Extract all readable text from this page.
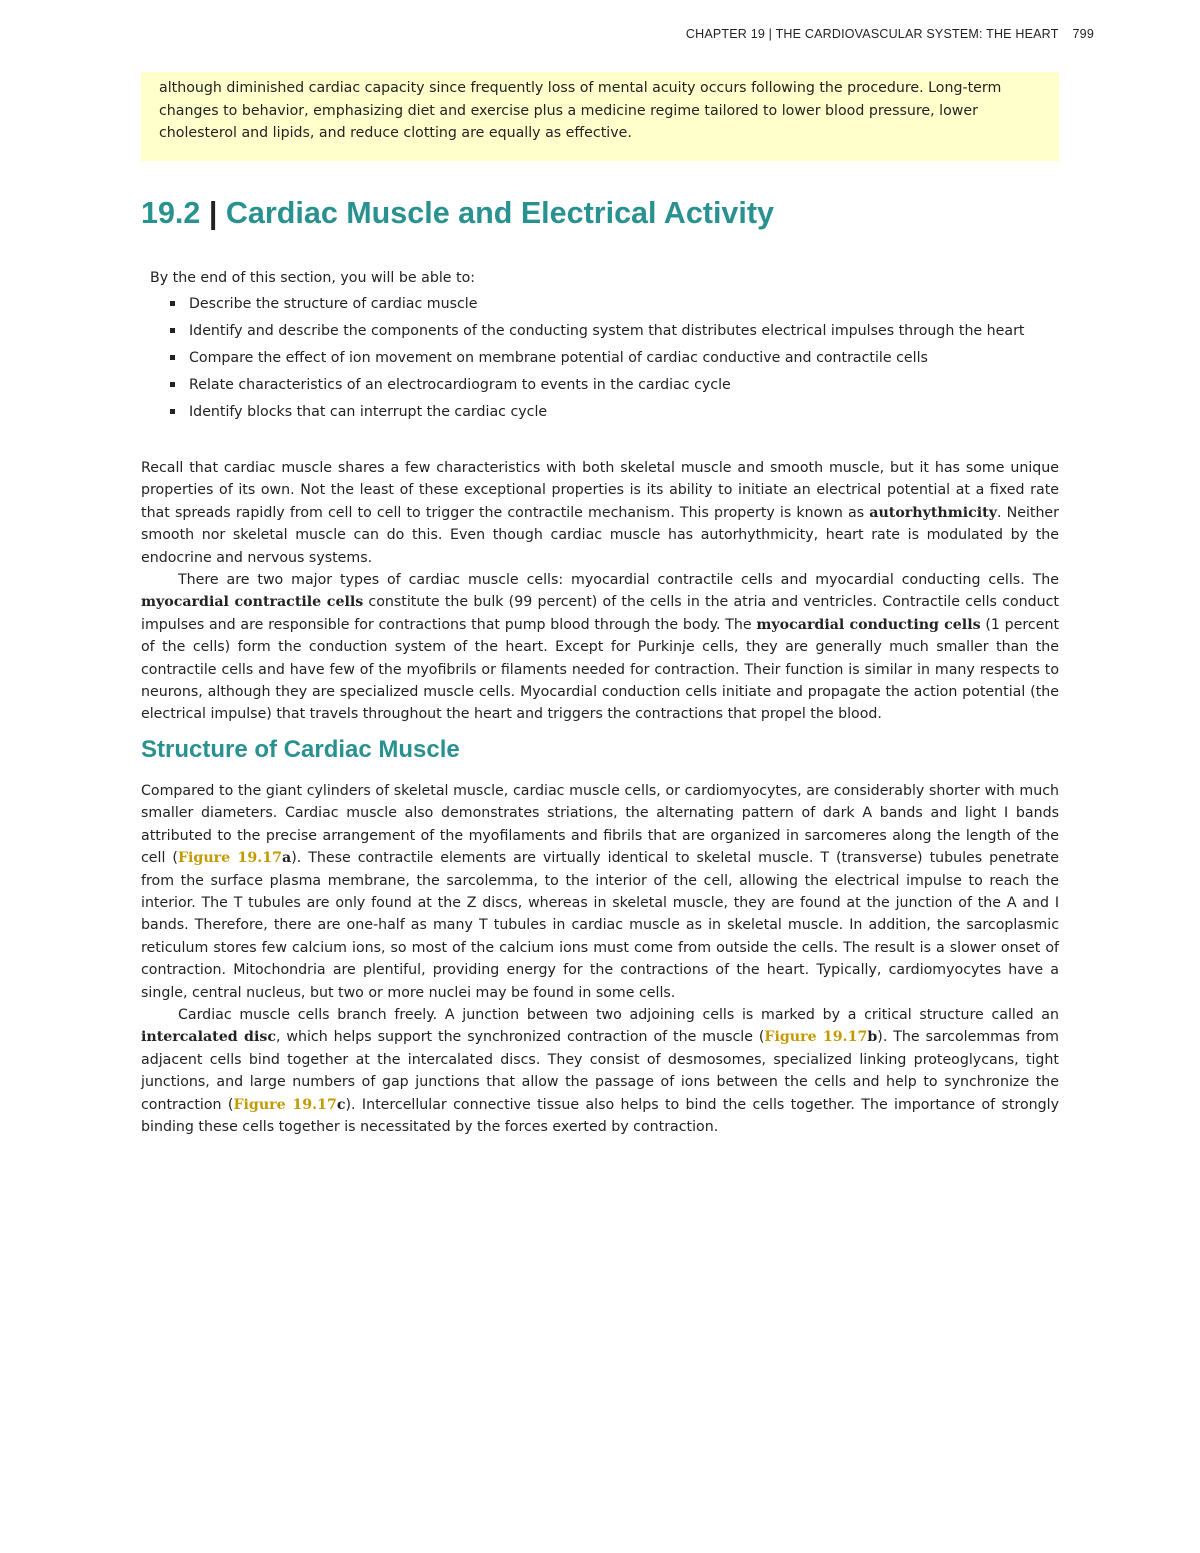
CHAPTER 19 | THE CARDIOVASCULAR SYSTEM: THE HEART 799
although diminished cardiac capacity since frequently loss of mental acuity occurs following the procedure. Long-term changes to behavior, emphasizing diet and exercise plus a medicine regime tailored to lower blood pressure, lower cholesterol and lipids, and reduce clotting are equally as effective.
19.2 | Cardiac Muscle and Electrical Activity
By the end of this section, you will be able to:
Describe the structure of cardiac muscle
Identify and describe the components of the conducting system that distributes electrical impulses through the heart
Compare the effect of ion movement on membrane potential of cardiac conductive and contractile cells
Relate characteristics of an electrocardiogram to events in the cardiac cycle
Identify blocks that can interrupt the cardiac cycle

Recall that cardiac muscle shares a few characteristics with both skeletal muscle and smooth muscle, but it has some unique properties of its own. Not the least of these exceptional properties is its ability to initiate an electrical potential at a fixed rate that spreads rapidly from cell to cell to trigger the contractile mechanism. This property is known as autorhythmicity. Neither smooth nor skeletal muscle can do this. Even though cardiac muscle has autorhythmicity, heart rate is modulated by the endocrine and nervous systems.

There are two major types of cardiac muscle cells: myocardial contractile cells and myocardial conducting cells. The myocardial contractile cells constitute the bulk (99 percent) of the cells in the atria and ventricles. Contractile cells conduct impulses and are responsible for contractions that pump blood through the body. The myocardial conducting cells (1 percent of the cells) form the conduction system of the heart. Except for Purkinje cells, they are generally much smaller than the contractile cells and have few of the myofibrils or filaments needed for contraction. Their function is similar in many respects to neurons, although they are specialized muscle cells. Myocardial conduction cells initiate and propagate the action potential (the electrical impulse) that travels throughout the heart and triggers the contractions that propel the blood.

Structure of Cardiac Muscle

Compared to the giant cylinders of skeletal muscle, cardiac muscle cells, or cardiomyocytes, are considerably shorter with much smaller diameters. Cardiac muscle also demonstrates striations, the alternating pattern of dark A bands and light I bands attributed to the precise arrangement of the myofilaments and fibrils that are organized in sarcomeres along the length of the cell (Figure 19.17a). These contractile elements are virtually identical to skeletal muscle. T (transverse) tubules penetrate from the surface plasma membrane, the sarcolemma, to the interior of the cell, allowing the electrical impulse to reach the interior. The T tubules are only found at the Z discs, whereas in skeletal muscle, they are found at the junction of the A and I bands. Therefore, there are one-half as many T tubules in cardiac muscle as in skeletal muscle. In addition, the sarcoplasmic reticulum stores few calcium ions, so most of the calcium ions must come from outside the cells. The result is a slower onset of contraction. Mitochondria are plentiful, providing energy for the contractions of the heart. Typically, cardiomyocytes have a single, central nucleus, but two or more nuclei may be found in some cells.

Cardiac muscle cells branch freely. A junction between two adjoining cells is marked by a critical structure called an intercalated disc, which helps support the synchronized contraction of the muscle (Figure 19.17b). The sarcolemmas from adjacent cells bind together at the intercalated discs. They consist of desmosomes, specialized linking proteoglycans, tight junctions, and large numbers of gap junctions that allow the passage of ions between the cells and help to synchronize the contraction (Figure 19.17c). Intercellular connective tissue also helps to bind the cells together. The importance of strongly binding these cells together is necessitated by the forces exerted by contraction.
